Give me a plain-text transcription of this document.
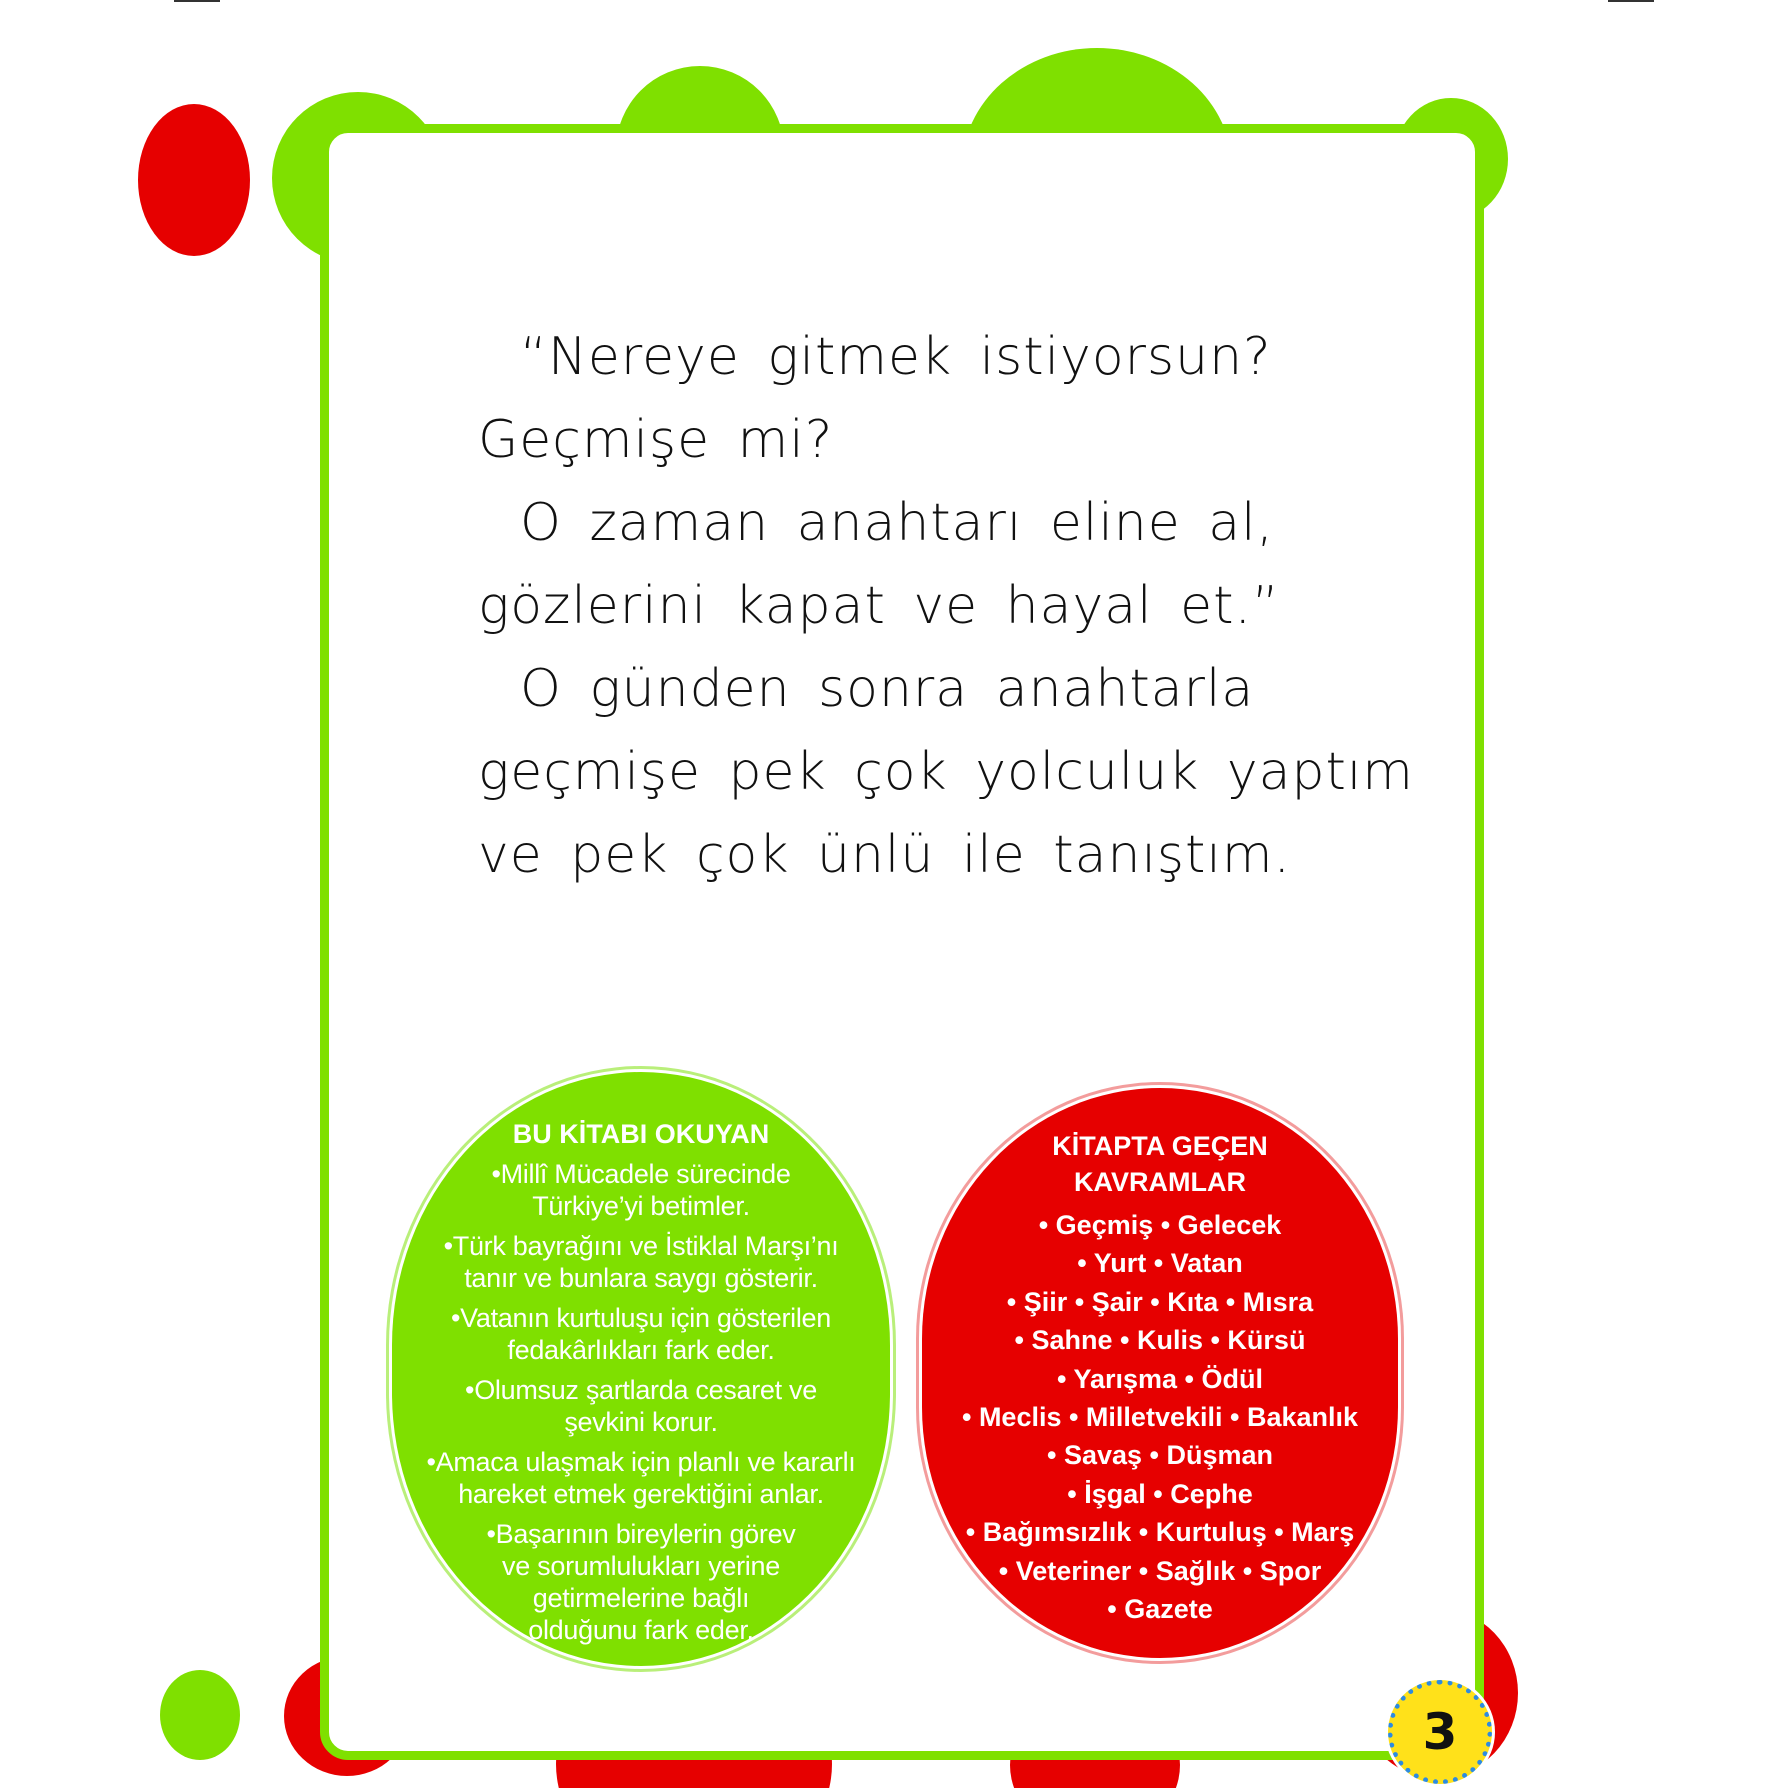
“Nereye gitmek istiyorsun?
Geçmişe mi?
O zaman anahtarı eline al,
gözlerini kapat ve hayal et.”
O günden sonra anahtarla
geçmişe pek çok yolculuk yaptım
ve pek çok ünlü ile tanıştım.
BU KİTABI OKUYAN
•Millî Mücadele sürecinde
Türkiye’yi betimler.
•Türk bayrağını ve İstiklal Marşı’nı
tanır ve bunlara saygı gösterir.
•Vatanın kurtuluşu için gösterilen
fedakârlıkları fark eder.
•Olumsuz şartlarda cesaret ve
şevkini korur.
•Amaca ulaşmak için planlı ve kararlı
hareket etmek gerektiğini anlar.
•Başarının bireylerin görev
ve sorumlulukları yerine
getirmelerine bağlı
olduğunu fark eder.
KİTAPTA GEÇEN
KAVRAMLAR
• Geçmiş • Gelecek
• Yurt • Vatan
• Şiir • Şair • Kıta • Mısra
• Sahne • Kulis • Kürsü
• Yarışma • Ödül
• Meclis • Milletvekili • Bakanlık
• Savaş • Düşman
• İşgal • Cephe
• Bağımsızlık • Kurtuluş • Marş
• Veteriner • Sağlık • Spor
• Gazete
3
